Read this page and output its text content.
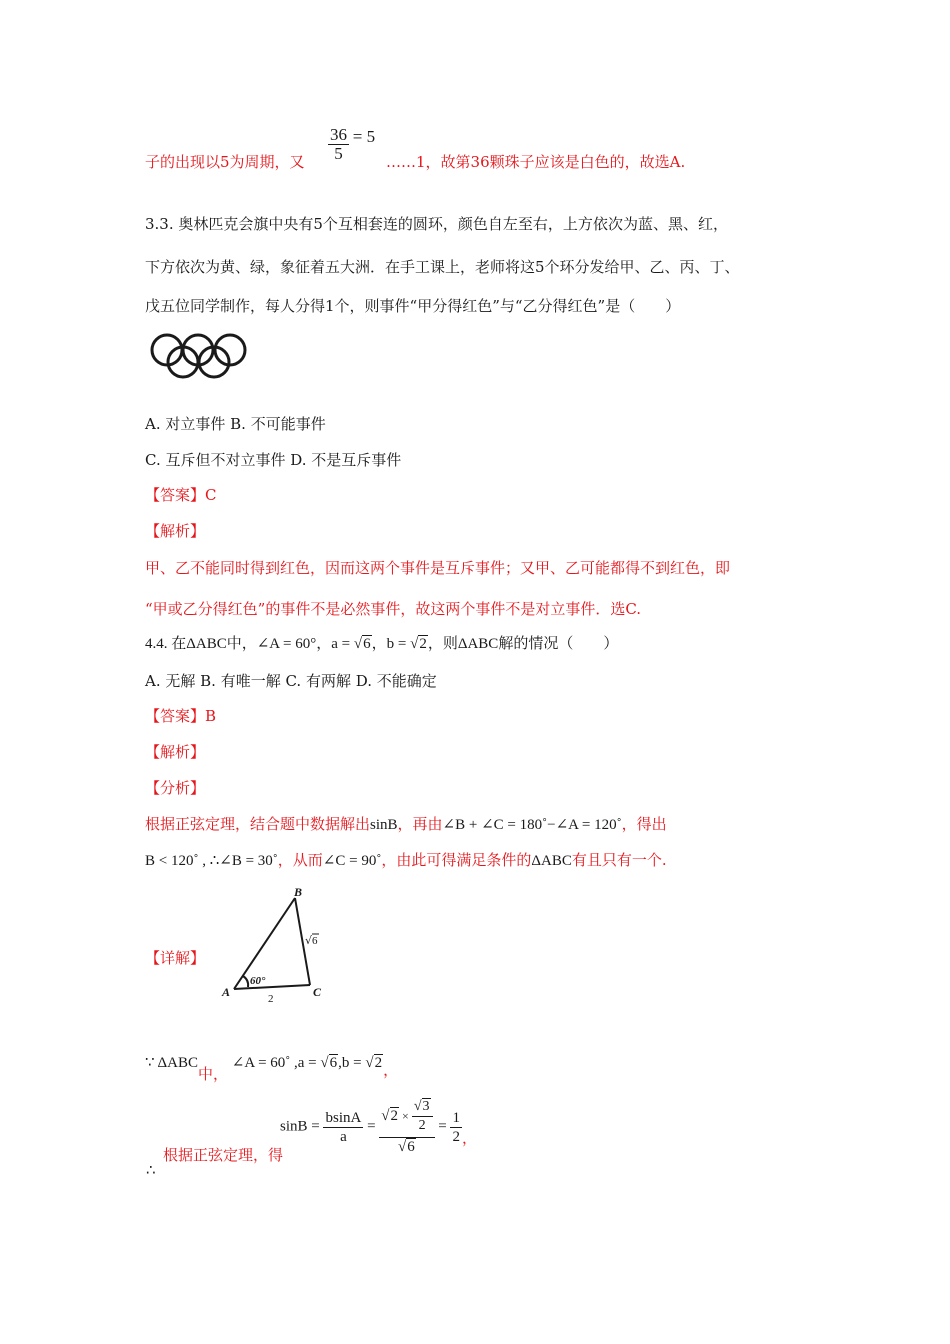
子的出现以5为周期，又 $\frac{36}{5} = 5$
……1，故第36颗珠子应该是白色的，故选A.
3.3. 奥林匹克会旗中央有5个互相套连的圆环，颜色自左至右，上方依次为蓝、黑、红，
下方依次为黄、绿，象征着五大洲．在手工课上，老师将这5个环分发给甲、乙、丙、丁、
戊五位同学制作，每人分得1个，则事件“甲分得红色”与“乙分得红色”是（　　）
A. 对立事件 B. 不可能事件
C. 互斥但不对立事件 D. 不是互斥事件
【答案】C
【解析】
甲、乙不能同时得到红色，因而这两个事件是互斥事件；又甲、乙可能都得不到红色，即
“甲或乙分得红色”的事件不是必然事件，故这两个事件不是对立事件．选C.
4.4. 在ΔABC中，∠A = 60°，a = √6，b = √2，则ΔABC解的情况（　　）
A. 无解 B. 有唯一解 C. 有两解 D. 不能确定
【答案】B
【解析】
【分析】
根据正弦定理，结合题中数据解出sinB，再由∠B + ∠C = 180˚−∠A = 120˚，得出
B < 120˚ , ∴∠B = 30˚，从而∠C = 90˚，由此可得满足条件的ΔABC有且只有一个.
【详解】
B
A	C
60°
2
√ 6
∵ ΔABC中， ∠A = 60˚ ,a = √6,b = √2，
∴
根据正弦定理，得
$\sin B = \frac{bsinA}{a} = \frac{√2 \times \frac{√3}{2}}{√6} = \frac{1}{2}$ ，
